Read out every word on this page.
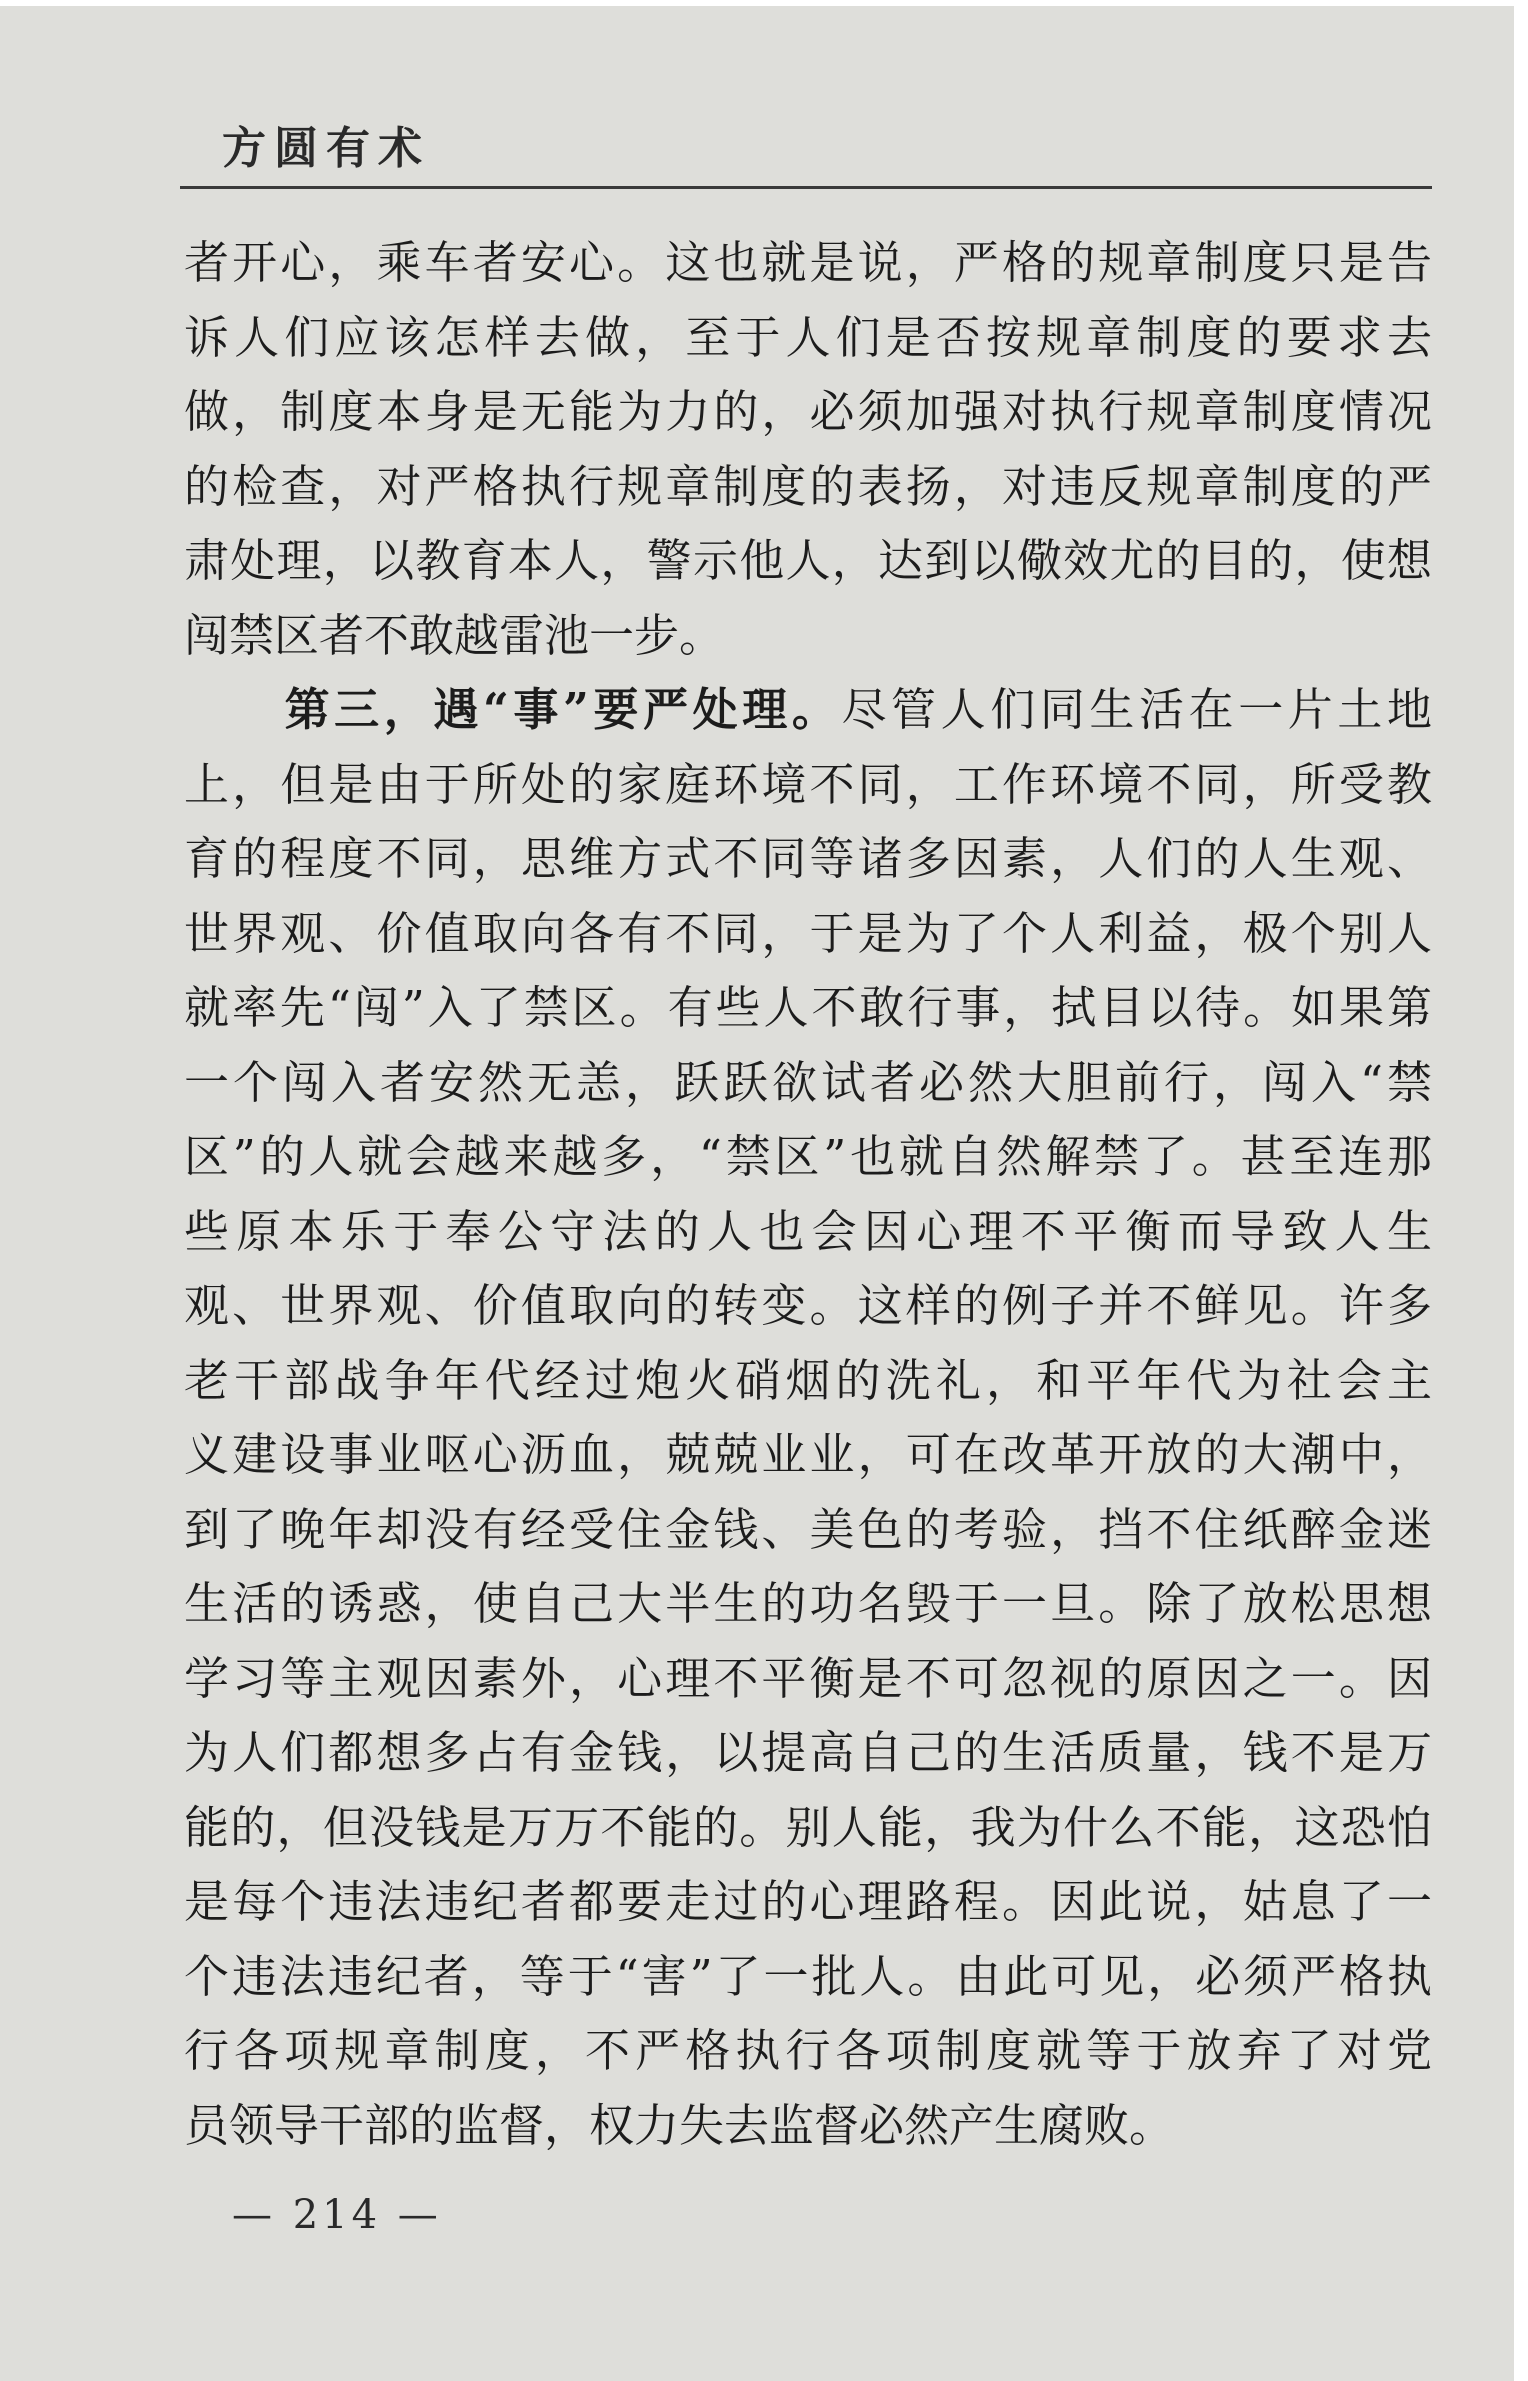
方圆有术
者开心，乘车者安心。这也就是说，严格的规章制度只是告
诉人们应该怎样去做，至于人们是否按规章制度的要求去
做，制度本身是无能为力的，必须加强对执行规章制度情况
的检查，对严格执行规章制度的表扬，对违反规章制度的严
肃处理，以教育本人，警示他人，达到以儆效尤的目的，使想
闯禁区者不敢越雷池一步。
第三，遇“事”要严处理。尽管人们同生活在一片土地
上，但是由于所处的家庭环境不同，工作环境不同，所受教
育的程度不同，思维方式不同等诸多因素，人们的人生观、
世界观、价值取向各有不同，于是为了个人利益，极个别人
就率先“闯”入了禁区。有些人不敢行事，拭目以待。如果第
一个闯入者安然无恙，跃跃欲试者必然大胆前行，闯入“禁
区”的人就会越来越多，“禁区”也就自然解禁了。甚至连那
些原本乐于奉公守法的人也会因心理不平衡而导致人生
观、世界观、价值取向的转变。这样的例子并不鲜见。许多
老干部战争年代经过炮火硝烟的洗礼，和平年代为社会主
义建设事业呕心沥血，兢兢业业，可在改革开放的大潮中，
到了晚年却没有经受住金钱、美色的考验，挡不住纸醉金迷
生活的诱惑，使自己大半生的功名毁于一旦。除了放松思想
学习等主观因素外，心理不平衡是不可忽视的原因之一。因
为人们都想多占有金钱，以提高自己的生活质量，钱不是万
能的，但没钱是万万不能的。别人能，我为什么不能，这恐怕
是每个违法违纪者都要走过的心理路程。因此说，姑息了一
个违法违纪者，等于“害”了一批人。由此可见，必须严格执
行各项规章制度，不严格执行各项制度就等于放弃了对党
员领导干部的监督，权力失去监督必然产生腐败。
— 214 —
